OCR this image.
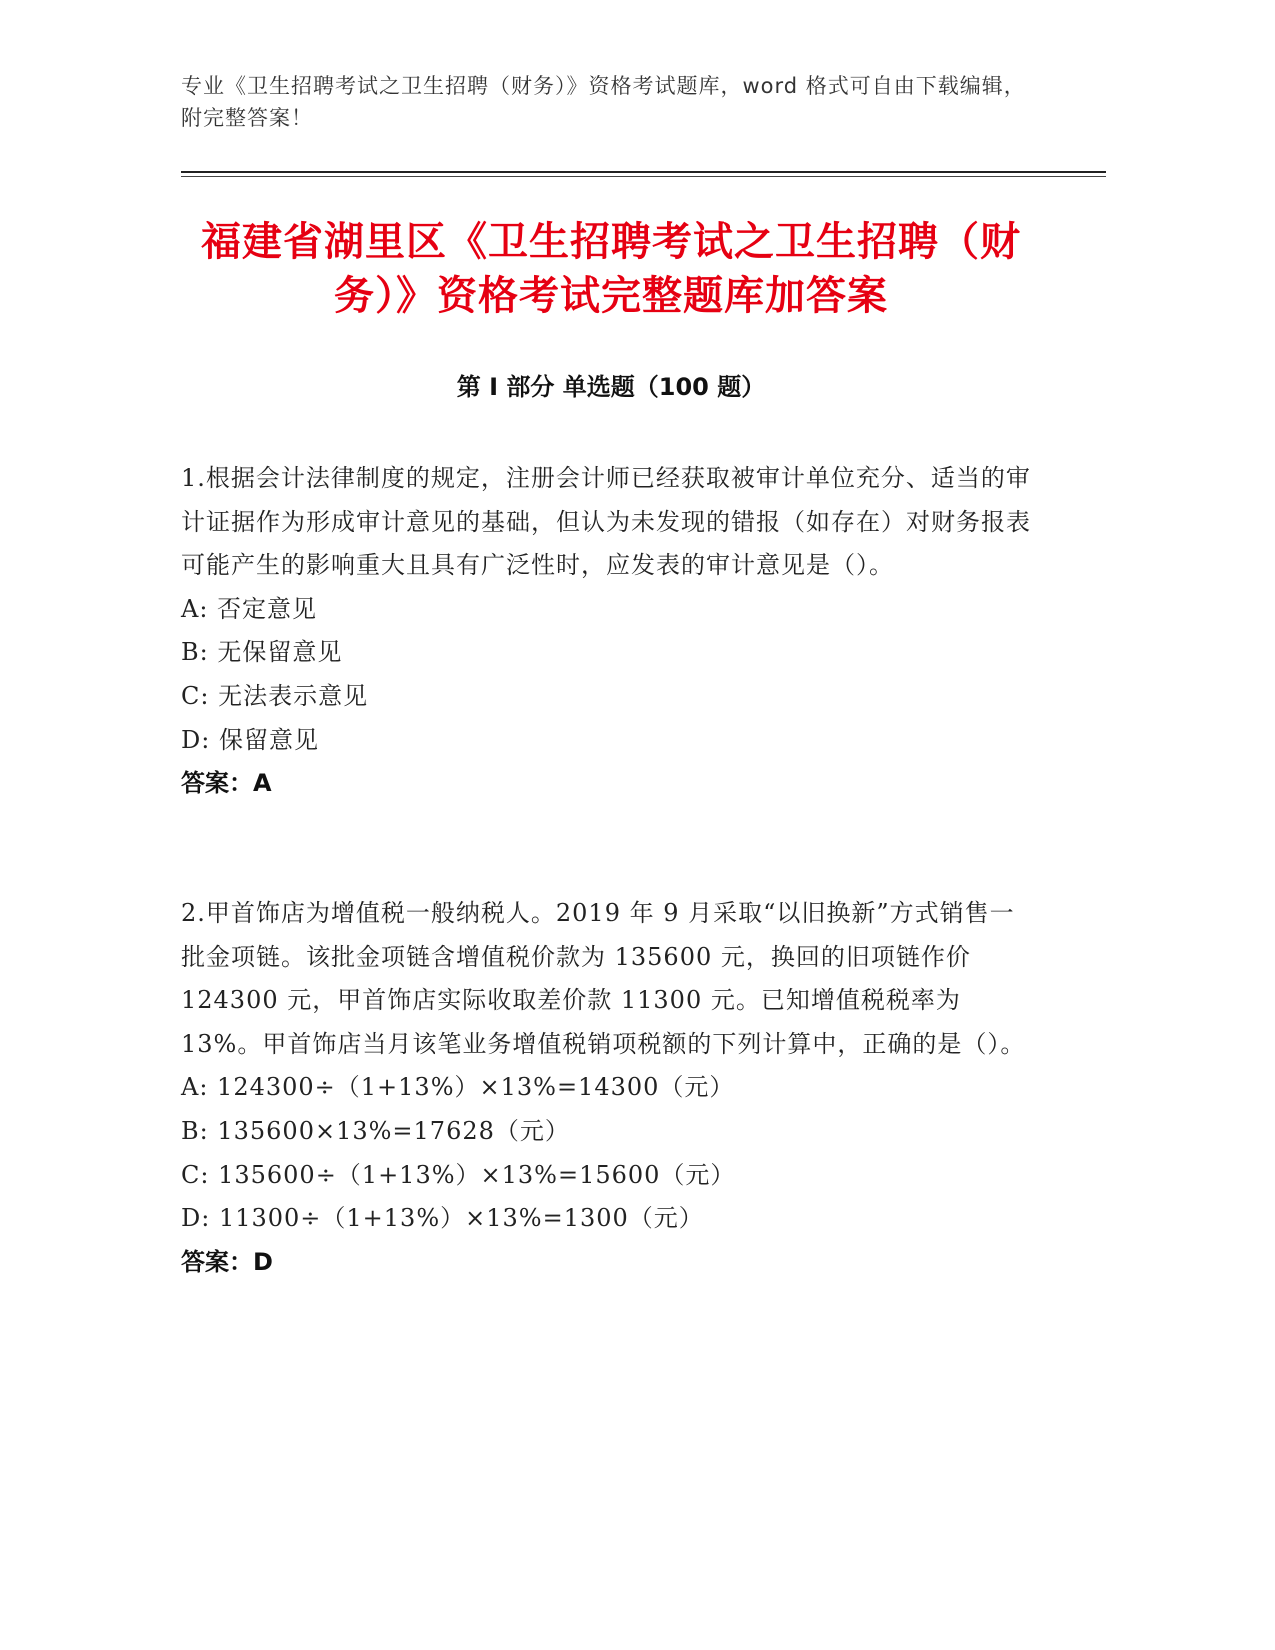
专业《卫生招聘考试之卫生招聘（财务）》资格考试题库，word 格式可自由下载编辑，附完整答案！
福建省湖里区《卫生招聘考试之卫生招聘（财务）》资格考试完整题库加答案
第 I 部分 单选题（100 题）

1.根据会计法律制度的规定，注册会计师已经获取被审计单位充分、适当的审计证据作为形成审计意见的基础，但认为未发现的错报（如存在）对财务报表可能产生的影响重大且具有广泛性时，应发表的审计意见是（）。

A: 否定意见
B: 无保留意见
C: 无法表示意见
D: 保留意见
答案：A

2.甲首饰店为增值税一般纳税人。2019 年 9 月采取“以旧换新”方式销售一批金项链。该批金项链含增值税价款为 135600 元，换回的旧项链作价 124300 元，甲首饰店实际收取差价款 11300 元。已知增值税税率为 13%。甲首饰店当月该笔业务增值税销项税额的下列计算中，正确的是（）。

A: 124300÷（1+13%）×13%=14300（元）
B: 135600×13%=17628（元）
C: 135600÷（1+13%）×13%=15600（元）
D: 11300÷（1+13%）×13%=1300（元）
答案：D
